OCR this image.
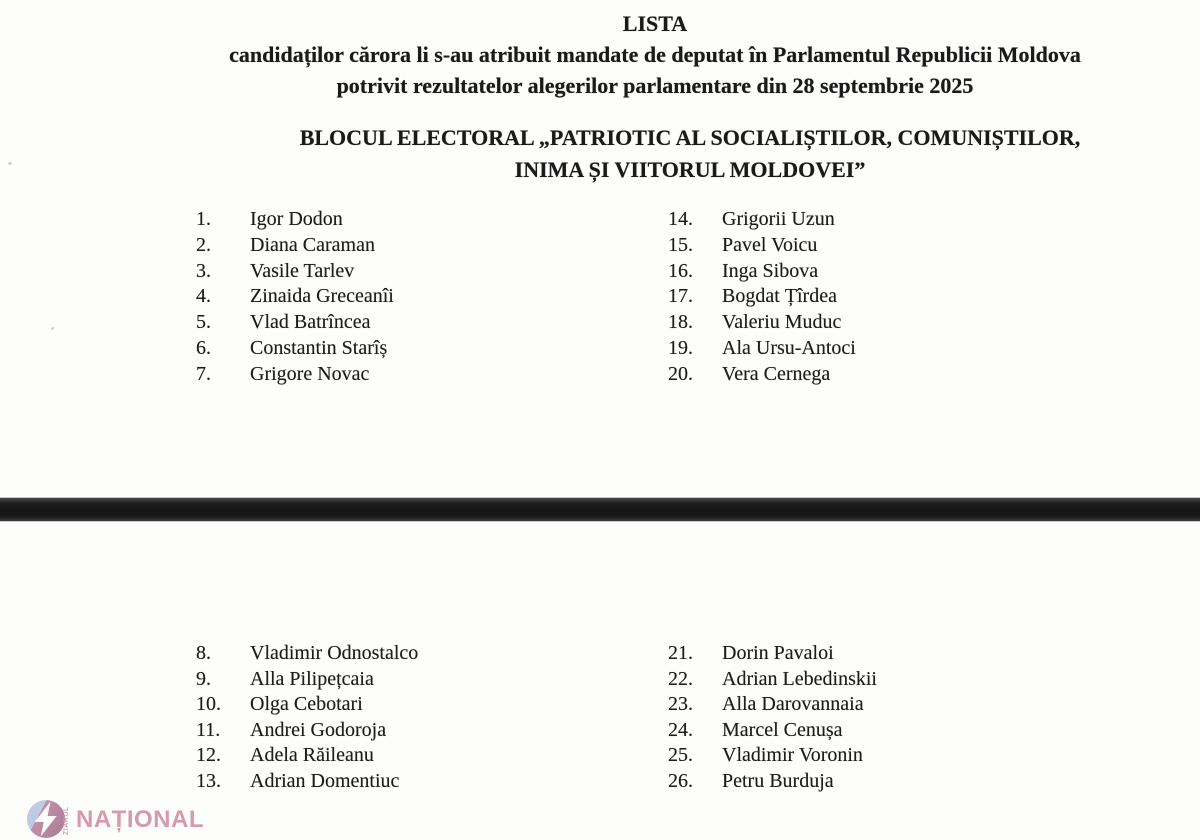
LISTA
candidaților cărora li s-au atribuit mandate de deputat în Parlamentul Republicii Moldova
potrivit rezultatelor alegerilor parlamentare din 28 septembrie 2025
BLOCUL ELECTORAL „PATRIOTIC AL SOCIALIȘTILOR, COMUNIȘTILOR,
INIMA ȘI VIITORUL MOLDOVEI”
1.	Igor Dodon
2.	Diana Caraman
3.	Vasile Tarlev
4.	Zinaida Greceanîi
5.	Vlad Batrîncea
6.	Constantin Starîș
7.	Grigore Novac
14.	Grigorii Uzun
15.	Pavel Voicu
16.	Inga Sibova
17.	Bogdat Țîrdea
18.	Valeriu Muduc
19.	Ala Ursu-Antoci
20.	Vera Cernega
8.	Vladimir Odnostalco
9.	Alla Pilipețcaia
10.	Olga Cebotari
11.	Andrei Godoroja
12.	Adela Răileanu
13.	Adrian Domentiuc
21.	Dorin Pavaloi
22.	Adrian Lebedinskii
23.	Alla Darovannaia
24.	Marcel Cenușa
25.	Vladimir Voronin
26.	Petru Burduja
ZIARUL NAȚIONAL
